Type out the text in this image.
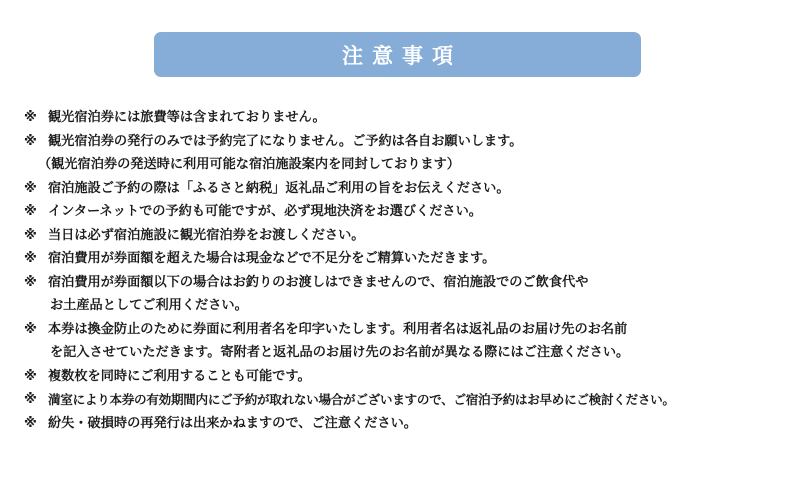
注意事項
※ 観光宿泊券には旅費等は含まれておりません。
※ 観光宿泊券の発行のみでは予約完了になりません。ご予約は各自お願いします。
（観光宿泊券の発送時に利用可能な宿泊施設案内を同封しております）
※ 宿泊施設ご予約の際は「ふるさと納税」返礼品ご利用の旨をお伝えください。
※ インターネットでの予約も可能ですが、必ず現地決済をお選びください。
※ 当日は必ず宿泊施設に観光宿泊券をお渡しください。
※ 宿泊費用が券面額を超えた場合は現金などで不足分をご精算いただきます。
※ 宿泊費用が券面額以下の場合はお釣りのお渡しはできませんので、宿泊施設でのご飲食代や
お土産品としてご利用ください。
※ 本券は換金防止のために券面に利用者名を印字いたします。利用者名は返礼品のお届け先のお名前
を記入させていただきます。寄附者と返礼品のお届け先のお名前が異なる際にはご注意ください。
※ 複数枚を同時にご利用することも可能です。
※ 満室により本券の有効期間内にご予約が取れない場合がございますので、ご宿泊予約はお早めにご検討ください。
※ 紛失・破損時の再発行は出来かねますので、ご注意ください。
